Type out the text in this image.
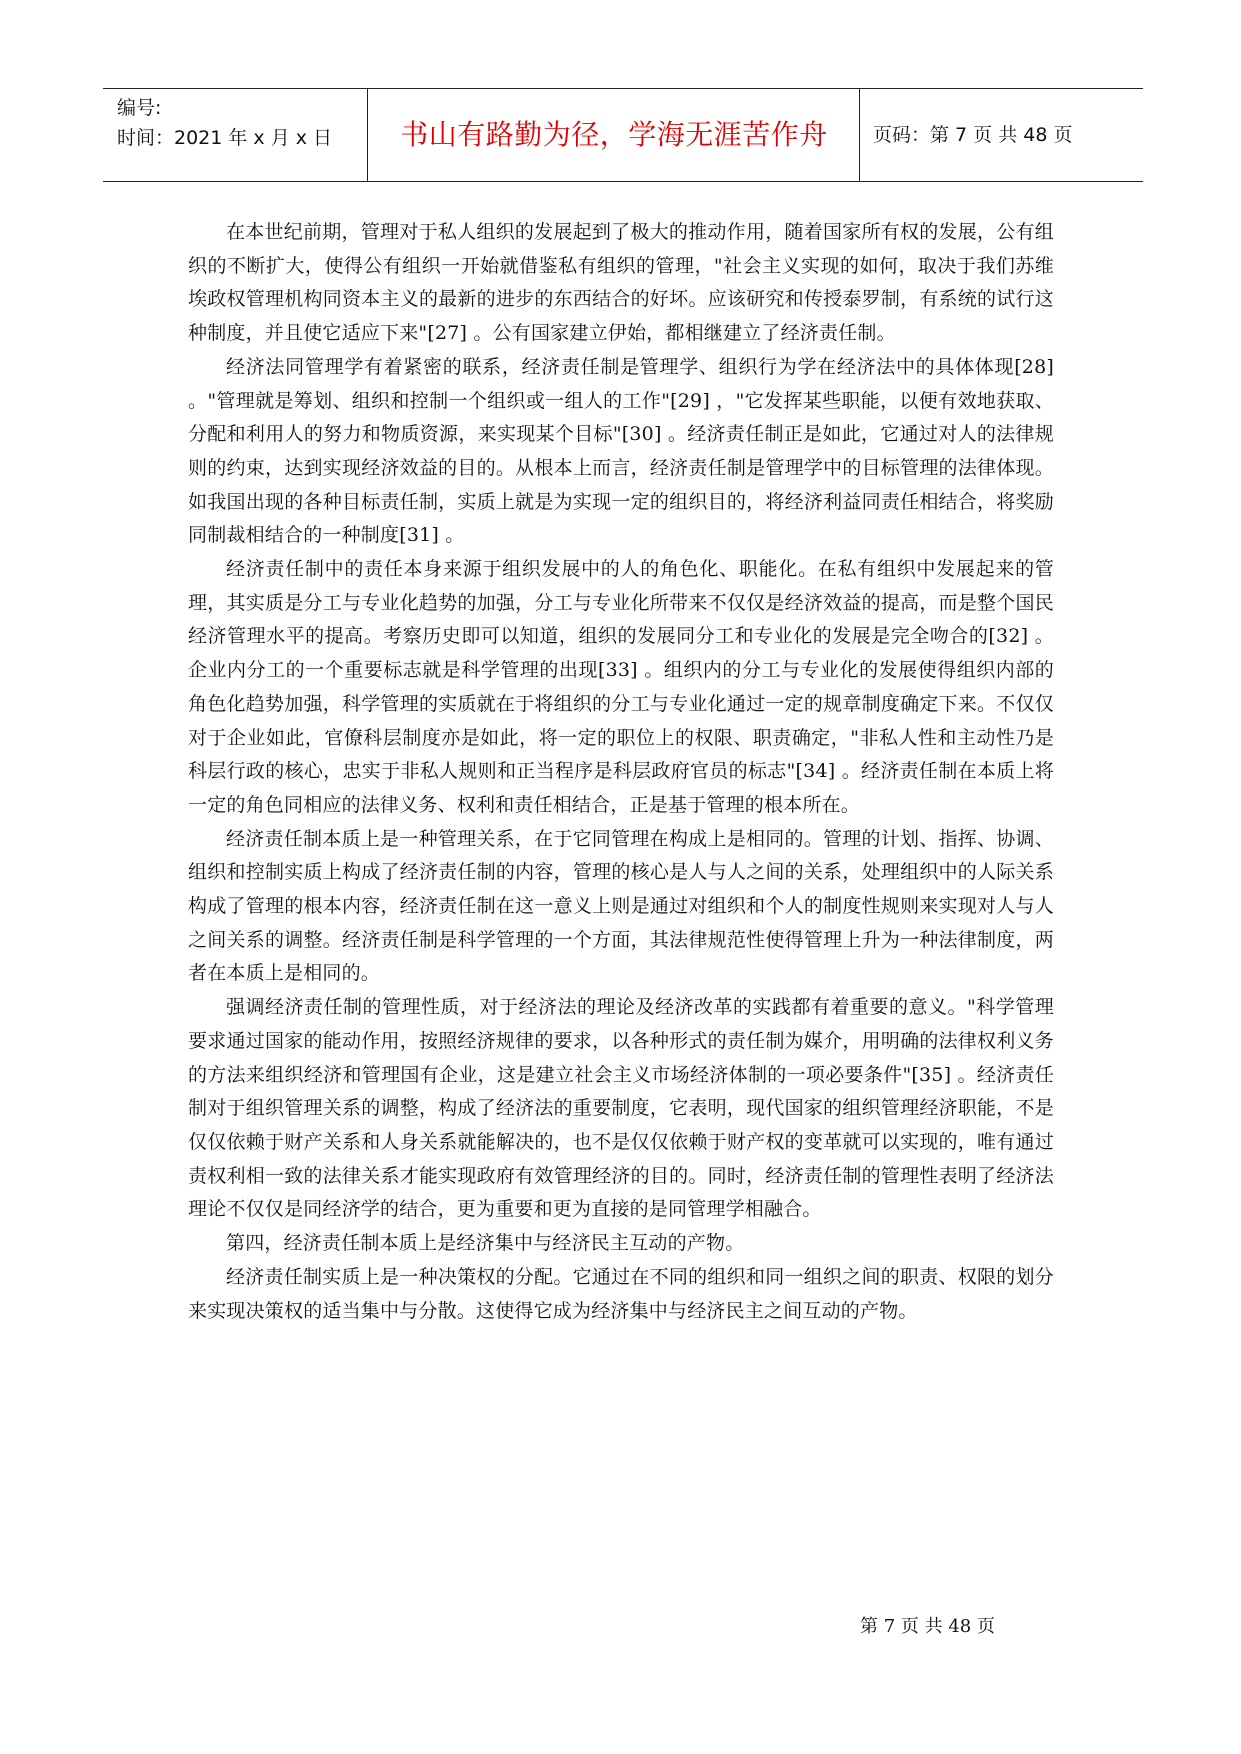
编号:
时间：2021 年 x 月 x 日	书山有路勤为径，学海无涯苦作舟	页码：第 7 页 共 48 页

在本世纪前期，管理对于私人组织的发展起到了极大的推动作用，随着国家所有权的发展，公有组织的不断扩大，使得公有组织一开始就借鉴私有组织的管理，"社会主义实现的如何，取决于我们苏维埃政权管理机构同资本主义的最新的进步的东西结合的好坏。应该研究和传授泰罗制，有系统的试行这种制度，并且使它适应下来"[27] 。公有国家建立伊始，都相继建立了经济责任制。

经济法同管理学有着紧密的联系，经济责任制是管理学、组织行为学在经济法中的具体体现[28] 。"管理就是筹划、组织和控制一个组织或一组人的工作"[29] ，"它发挥某些职能，以便有效地获取、分配和利用人的努力和物质资源，来实现某个目标"[30] 。经济责任制正是如此，它通过对人的法律规则的约束，达到实现经济效益的目的。从根本上而言，经济责任制是管理学中的目标管理的法律体现。如我国出现的各种目标责任制，实质上就是为实现一定的组织目的，将经济利益同责任相结合，将奖励同制裁相结合的一种制度[31] 。

经济责任制中的责任本身来源于组织发展中的人的角色化、职能化。在私有组织中发展起来的管理，其实质是分工与专业化趋势的加强，分工与专业化所带来不仅仅是经济效益的提高，而是整个国民经济管理水平的提高。考察历史即可以知道，组织的发展同分工和专业化的发展是完全吻合的[32] 。企业内分工的一个重要标志就是科学管理的出现[33] 。组织内的分工与专业化的发展使得组织内部的角色化趋势加强，科学管理的实质就在于将组织的分工与专业化通过一定的规章制度确定下来。不仅仅对于企业如此，官僚科层制度亦是如此，将一定的职位上的权限、职责确定，"非私人性和主动性乃是科层行政的核心，忠实于非私人规则和正当程序是科层政府官员的标志"[34] 。经济责任制在本质上将一定的角色同相应的法律义务、权利和责任相结合，正是基于管理的根本所在。

经济责任制本质上是一种管理关系，在于它同管理在构成上是相同的。管理的计划、指挥、协调、组织和控制实质上构成了经济责任制的内容，管理的核心是人与人之间的关系，处理组织中的人际关系构成了管理的根本内容，经济责任制在这一意义上则是通过对组织和个人的制度性规则来实现对人与人之间关系的调整。经济责任制是科学管理的一个方面，其法律规范性使得管理上升为一种法律制度，两者在本质上是相同的。

强调经济责任制的管理性质，对于经济法的理论及经济改革的实践都有着重要的意义。"科学管理要求通过国家的能动作用，按照经济规律的要求，以各种形式的责任制为媒介，用明确的法律权利义务的方法来组织经济和管理国有企业，这是建立社会主义市场经济体制的一项必要条件"[35] 。经济责任制对于组织管理关系的调整，构成了经济法的重要制度，它表明，现代国家的组织管理经济职能，不是仅仅依赖于财产关系和人身关系就能解决的，也不是仅仅依赖于财产权的变革就可以实现的，唯有通过责权利相一致的法律关系才能实现政府有效管理经济的目的。同时，经济责任制的管理性表明了经济法理论不仅仅是同经济学的结合，更为重要和更为直接的是同管理学相融合。

第四，经济责任制本质上是经济集中与经济民主互动的产物。

经济责任制实质上是一种决策权的分配。它通过在不同的组织和同一组织之间的职责、权限的划分来实现决策权的适当集中与分散。这使得它成为经济集中与经济民主之间互动的产物。

第 7 页 共 48 页
